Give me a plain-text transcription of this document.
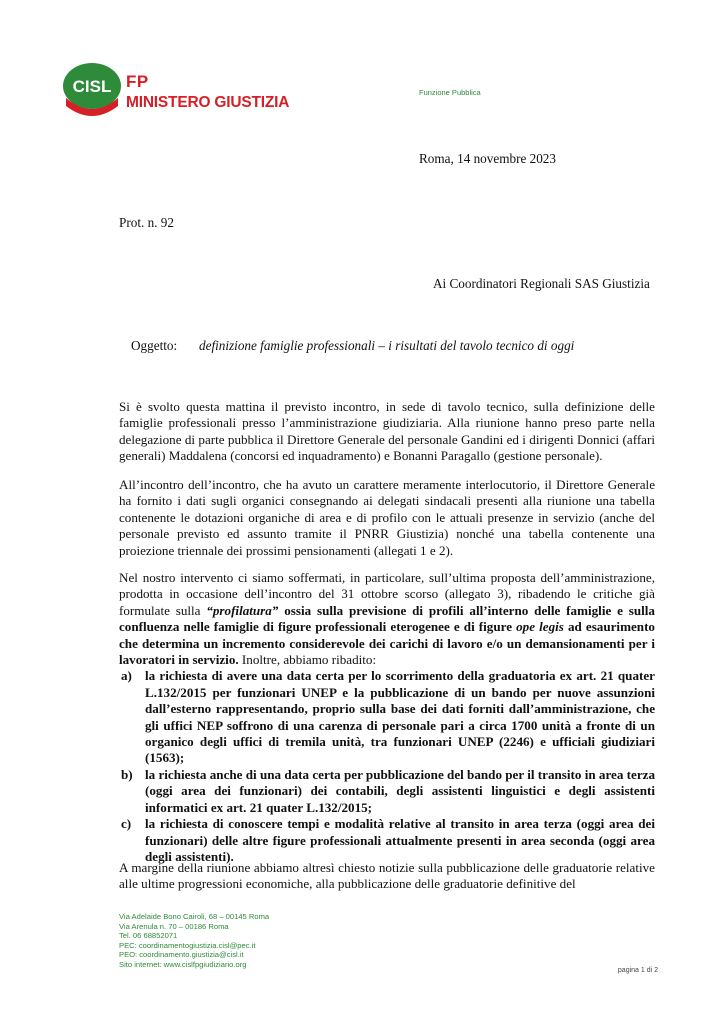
CISL FP
MINISTERO GIUSTIZIA
Funzione Pubblica
Roma, 14 novembre 2023
Prot. n. 92
Ai Coordinatori Regionali SAS Giustizia
Oggetto: definizione famiglie professionali – i risultati del tavolo tecnico di oggi
Si è svolto questa mattina il previsto incontro, in sede di tavolo tecnico, sulla definizione delle famiglie professionali presso l’amministrazione giudiziaria. Alla riunione hanno preso parte nella delegazione di parte pubblica il Direttore Generale del personale Gandini ed i dirigenti Donnici (affari generali) Maddalena (concorsi ed inquadramento) e Bonanni Paragallo (gestione personale).
All’incontro dell’incontro, che ha avuto un carattere meramente interlocutorio, il Direttore Generale ha fornito i dati sugli organici consegnando ai delegati sindacali presenti alla riunione una tabella contenente le dotazioni organiche di area e di profilo con le attuali presenze in servizio (anche del personale previsto ed assunto tramite il PNRR Giustizia) nonché una tabella contenente una proiezione triennale dei prossimi pensionamenti (allegati 1 e 2).
Nel nostro intervento ci siamo soffermati, in particolare, sull’ultima proposta dell’amministrazione, prodotta in occasione dell’incontro del 31 ottobre scorso (allegato 3), ribadendo le critiche già formulate sulla “profilatura” ossia sulla previsione di profili all’interno delle famiglie e sulla confluenza nelle famiglie di figure professionali eterogenee e di figure ope legis ad esaurimento che determina un incremento considerevole dei carichi di lavoro e/o un demansionamenti per i lavoratori in servizio. Inoltre, abbiamo ribadito:
a) la richiesta di avere una data certa per lo scorrimento della graduatoria ex art. 21 quater L.132/2015 per funzionari UNEP e la pubblicazione di un bando per nuove assunzioni dall’esterno rappresentando, proprio sulla base dei dati forniti dall’amministrazione, che gli uffici NEP soffrono di una carenza di personale pari a circa 1700 unità a fronte di un organico degli uffici di tremila unità, tra funzionari UNEP (2246) e ufficiali giudiziari (1563);
b) la richiesta anche di una data certa per pubblicazione del bando per il transito in area terza (oggi area dei funzionari) dei contabili, degli assistenti linguistici e degli assistenti informatici ex art. 21 quater L.132/2015;
c) la richiesta di conoscere tempi e modalità relative al transito in area terza (oggi area dei funzionari) delle altre figure professionali attualmente presenti in area seconda (oggi area degli assistenti).
A margine della riunione abbiamo altresì chiesto notizie sulla pubblicazione delle graduatorie relative alle ultime progressioni economiche, alla pubblicazione delle graduatorie definitive del
Via Adelaide Bono Cairoli, 68 – 00145 Roma
Via Arenula n. 70 – 00186 Roma
Tel. 06 68852071
PEC: coordinamentogiustizia.cisl@pec.it
PEO: coordinamento.giustizia@cisl.it
Sito internet: www.cislfpgiudiziario.org
pagina 1 di 2
